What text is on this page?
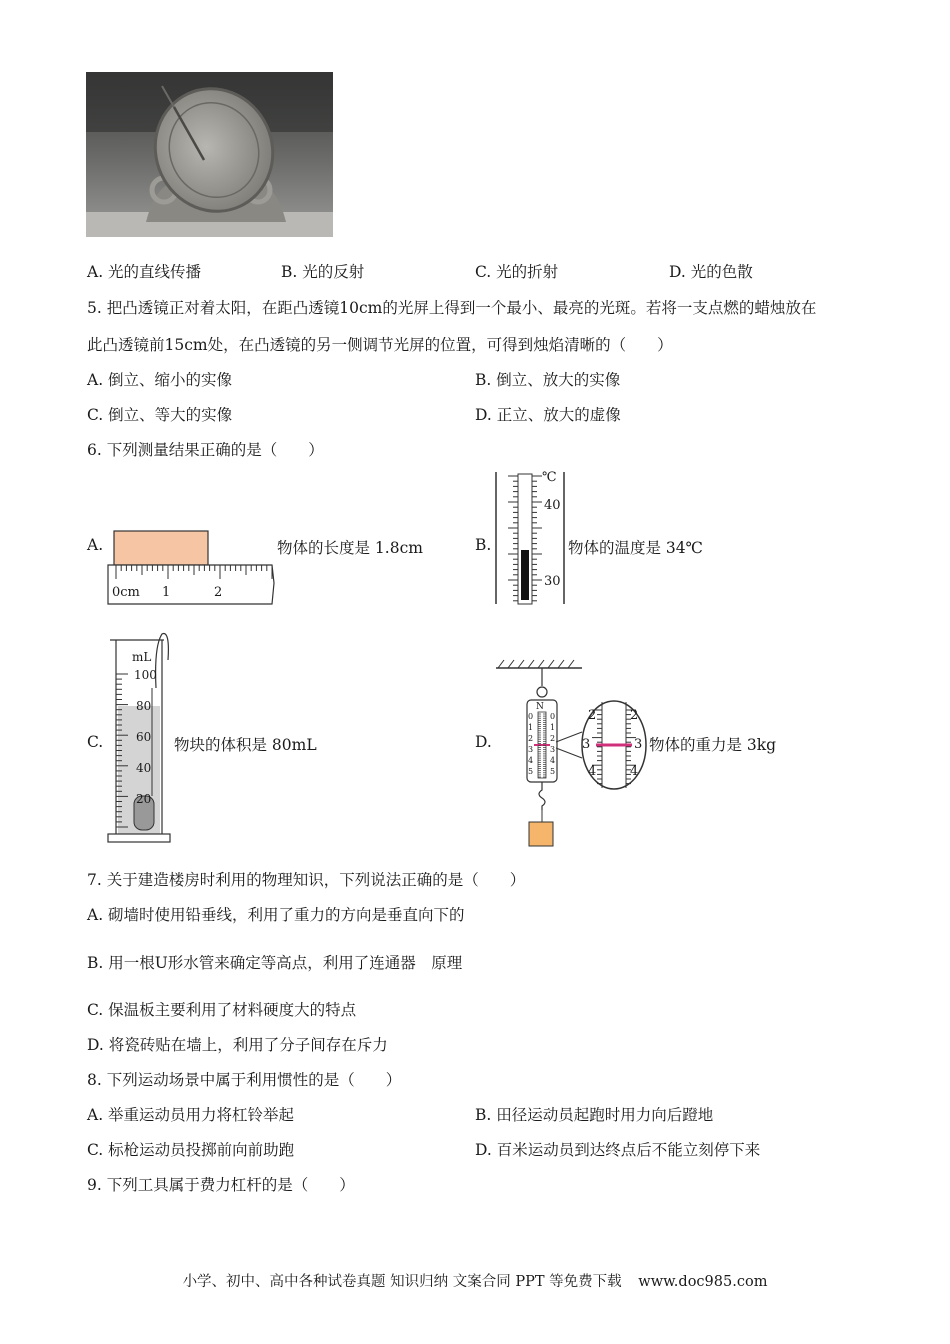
A. 光的直线传播	B. 光的反射	C. 光的折射	D. 光的色散
5. 把凸透镜正对着太阳，在距凸透镜10cm的光屏上得到一个最小、最亮的光斑。若将一支点燃的蜡烛放在
此凸透镜前15cm处，在凸透镜的另一侧调节光屏的位置，可得到烛焰清晰的（　　）
A. 倒立、缩小的实像	B. 倒立、放大的实像
C. 倒立、等大的实像	D. 正立、放大的虚像
6. 下列测量结果正确的是（　　）
A.
0cm 1	2
物体的长度是 1.8cm	B.
℃
40
30
物体的温度是 34℃
C.
mL
100
80
60
40
20
物块的体积是 80mL	D.
N
0
1
2
3
4
5
0
1
2
3
4
5
2	2
3	3
4	4
物体的重力是 3kg
7. 关于建造楼房时利用的物理知识，下列说法正确的是（　　）
A. 砌墙时使用铅垂线，利用了重力的方向是垂直向下的
B. 用一根U形水管来确定等高点，利用了连通器　原理
C. 保温板主要利用了材料硬度大的特点
D. 将瓷砖贴在墙上，利用了分子间存在斥力
8. 下列运动场景中属于利用惯性的是（　　）
A. 举重运动员用力将杠铃举起	B. 田径运动员起跑时用力向后蹬地
C. 标枪运动员投掷前向前助跑	D. 百米运动员到达终点后不能立刻停下来
9. 下列工具属于费力杠杆的是（　　）
小学、初中、高中各种试卷真题 知识归纳 文案合同 PPT 等免费下载 www.doc985.com
